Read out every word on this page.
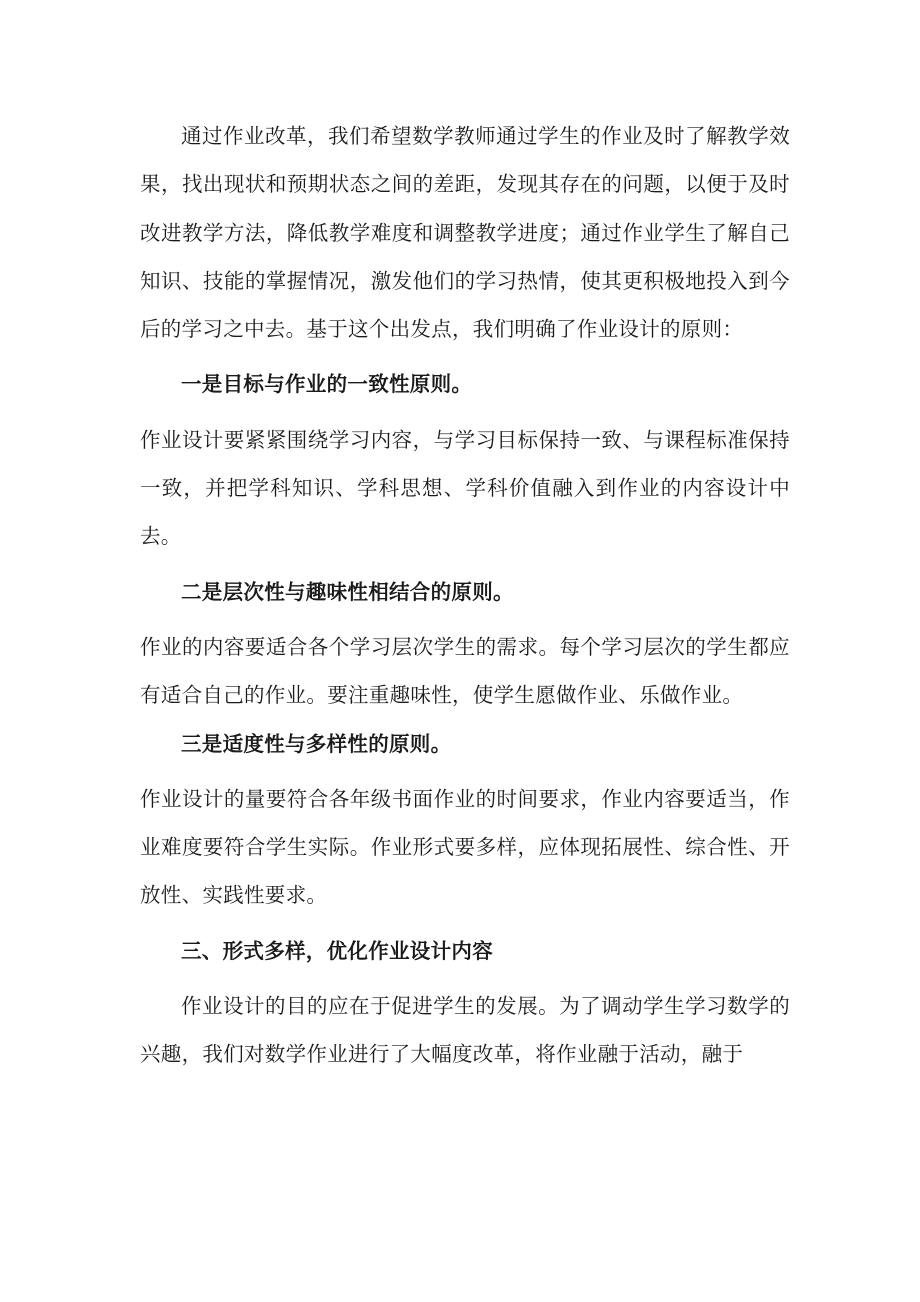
通过作业改革，我们希望数学教师通过学生的作业及时了解教学效果，找出现状和预期状态之间的差距，发现其存在的问题，以便于及时改进教学方法，降低教学难度和调整教学进度；通过作业学生了解自己知识、技能的掌握情况，激发他们的学习热情，使其更积极地投入到今后的学习之中去。基于这个出发点，我们明确了作业设计的原则：

一是目标与作业的一致性原则。

作业设计要紧紧围绕学习内容，与学习目标保持一致、与课程标准保持一致，并把学科知识、学科思想、学科价值融入到作业的内容设计中去。

二是层次性与趣味性相结合的原则。

作业的内容要适合各个学习层次学生的需求。每个学习层次的学生都应有适合自己的作业。要注重趣味性，使学生愿做作业、乐做作业。

三是适度性与多样性的原则。

作业设计的量要符合各年级书面作业的时间要求，作业内容要适当，作业难度要符合学生实际。作业形式要多样，应体现拓展性、综合性、开放性、实践性要求。

三、形式多样，优化作业设计内容

作业设计的目的应在于促进学生的发展。为了调动学生学习数学的兴趣，我们对数学作业进行了大幅度改革，将作业融于活动，融于
